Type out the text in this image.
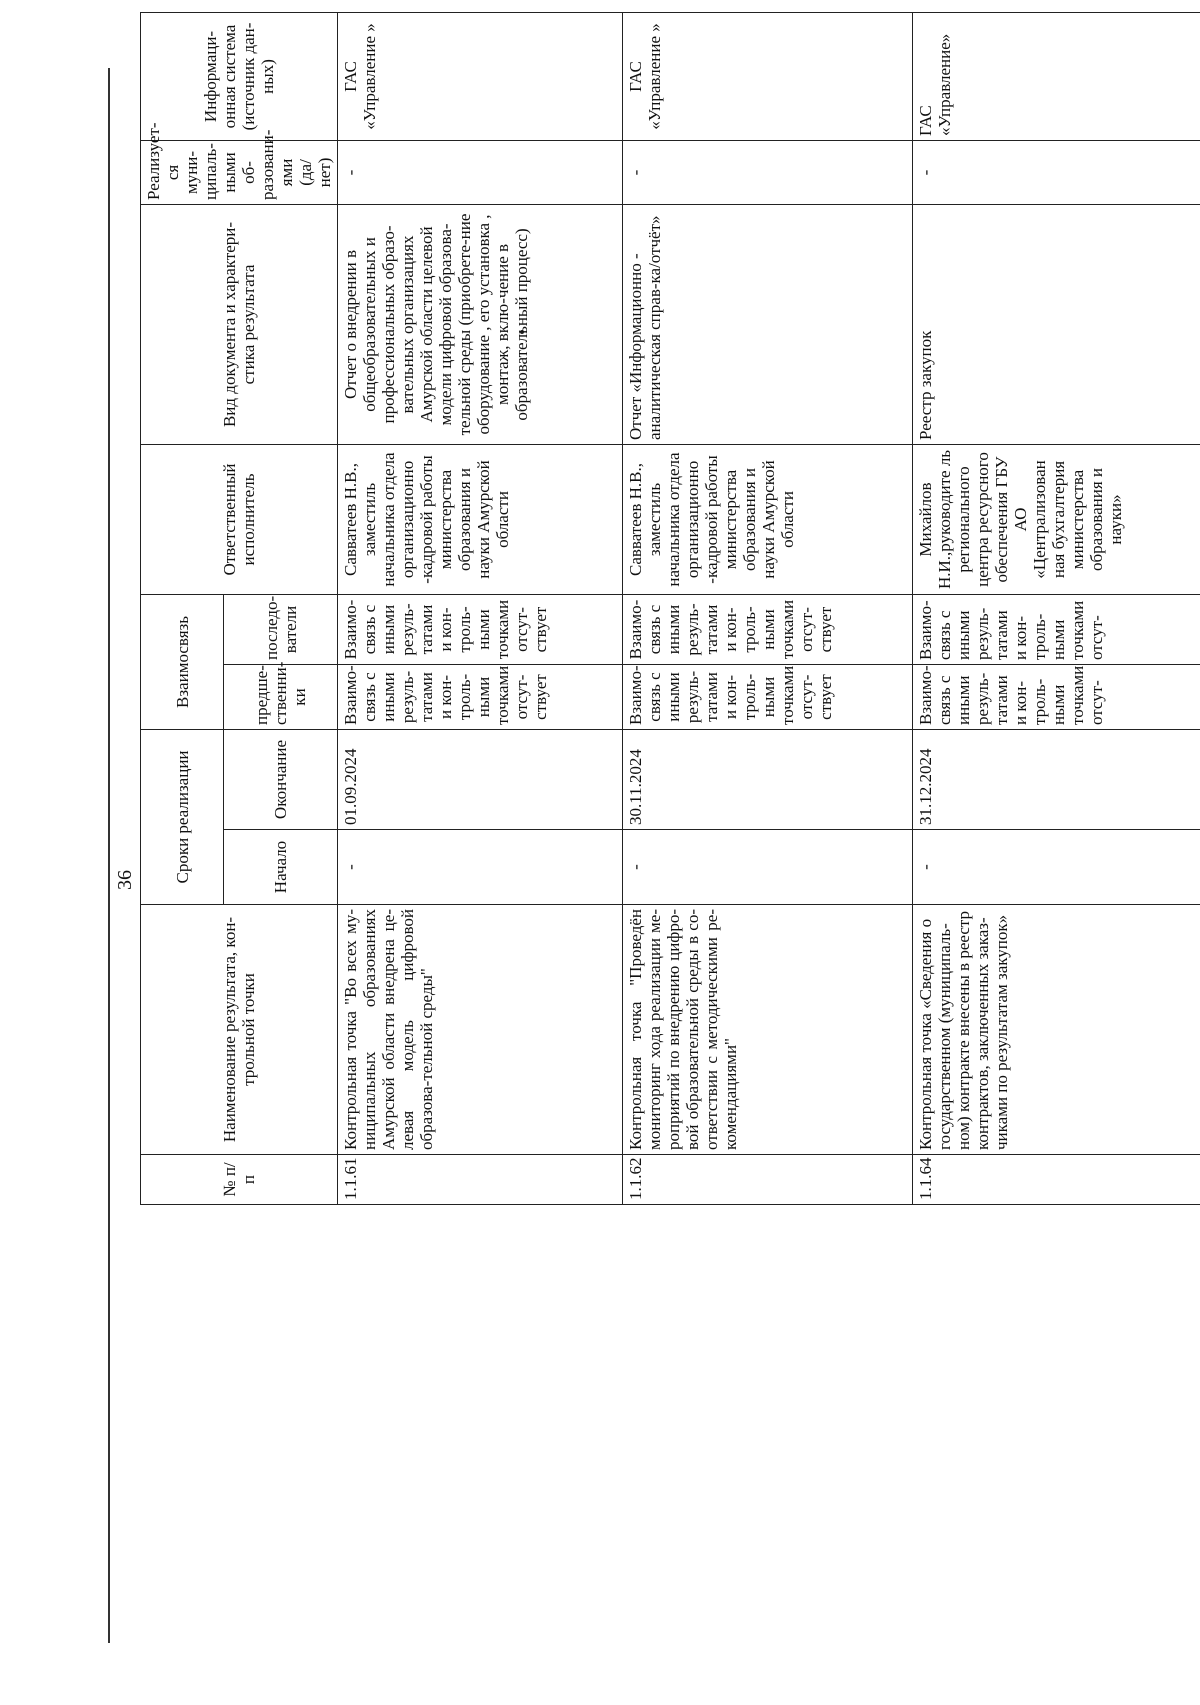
36
№ п/п	Наименование результата, кон-трольной точки	Сроки реализации		Взаимосвязь		Ответственный исполнитель	Вид документа и характери-стика результата	Реализует-ся муни-ципаль-ными об-разовани-ями (да/нет)	Информаци-онная система (источник дан-ных)
		Начало	Окончание	предше-ственни-ки	последо-ватели				
1.1.61	Контрольная точка "Во всех му-ниципальных образованиях Амурской области внедрена це-левая модель цифровой образова-тельной среды"	-	01.09.2024	Взаимо-связь с иными резуль-татами и кон-троль-ными точками отсут-ствует	Взаимо-связь с иными резуль-татами и кон-троль-ными точками отсут-ствует	Савватеев Н.В., заместиль начальника отдела организационно -кадровой работы министерства образования и науки Амурской области	Отчет о внедрении в общеобразовательных и профессиональных образо-вательных организациях Амурской области целевой модели цифровой образова-тельной среды (приобрете-ние оборудование , его установка , монтаж, вклю-чение в образовательный процесс)	-	ГАС «Управление »
1.1.62	Контрольная точка "Проведён мониторинг хода реализации ме-роприятий по внедрению цифро- вой образовательной среды в со-ответствии с методическими ре-комендациями"	-	30.11.2024	Взаимо-связь с иными резуль-татами и кон-троль-ными точками отсут-ствует	Взаимо-связь с иными резуль-татами и кон-троль-ными точками отсут-ствует	Савватеев Н.В., заместиль начальника отдела организационно -кадровой работы министерства образования и науки Амурской области	Отчет «Информационно - аналитическая справ-ка/отчёт»	-	ГАС «Управление »
1.1.64	Контрольная точка «Сведения о государственном (муниципаль-ном) контракте внесены в реестр контрактов, заключенных заказ-чиками по результатам закупок»	-	31.12.2024	Взаимо-связь с иными резуль-татами и кон-троль-ными точками отсут-	Взаимо-связь с иными резуль-татами и кон-троль-ными точками отсут-	Михайлов Н.И.,руководите ль регионального центра ресурсного обеспечения ГБУ АО «Централизован ная бухгалтерия министерства образования и науки»	Реестр закупок	-	ГАС «Управление»
